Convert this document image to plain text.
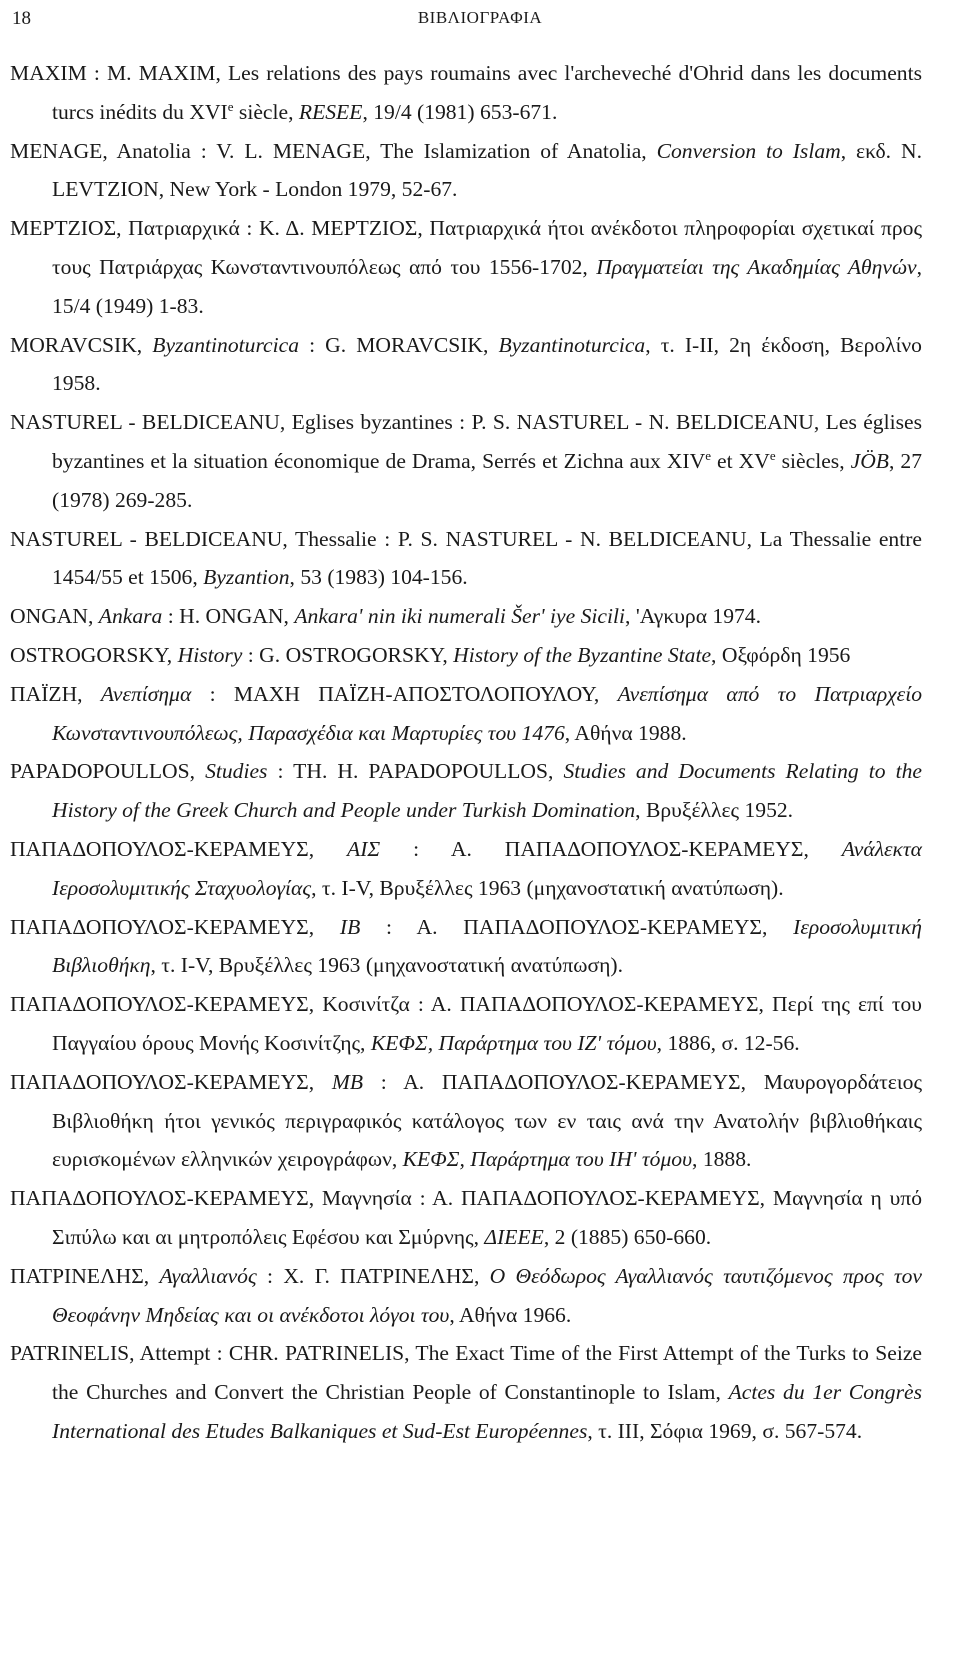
18	ΒΙΒΛΙΟΓΡΑΦΙΑ

MAXIM : M. MAXIM, Les relations des pays roumains avec l'archeveché d'Ohrid dans les documents turcs inédits du XVIe siècle, RESEE, 19/4 (1981) 653-671.

MENAGE, Anatolia : V. L. MENAGE, The Islamization of Anatolia, Conversion to Islam, εκδ. N. LEVTZION, New York - London 1979, 52-67.

ΜΕΡΤΖΙΟΣ, Πατριαρχικά : Κ. Δ. ΜΕΡΤΖΙΟΣ, Πατριαρχικά ήτοι ανέκδοτοι πληροφορίαι σχετικαί προς τους Πατριάρχας Κωνσταντινουπόλεως από του 1556-1702, Πραγματείαι της Ακαδημίας Αθηνών, 15/4 (1949) 1-83.

MORAVCSIK, Byzantinoturcica : G. MORAVCSIK, Byzantinoturcica, τ. I-II, 2η έκδοση, Βερολίνο 1958.

NASTUREL - BELDICEANU, Eglises byzantines : P. S. NASTUREL - N. BELDICEANU, Les églises byzantines et la situation économique de Drama, Serrés et Zichna aux XIVe et XVe siècles, JÖB, 27 (1978) 269-285.

NASTUREL - BELDICEANU, Thessalie : P. S. NASTUREL - N. BELDICEANU, La Thessalie entre 1454/55 et 1506, Byzantion, 53 (1983) 104-156.

ONGAN, Ankara : H. ONGAN, Ankara' nin iki numerali Šer' iye Sicili, 'Αγκυρα 1974.

OSTROGORSKY, History : G. OSTROGORSKY, History of the Byzantine State, Οξφόρδη 1956

ΠΑΪΖΗ, Ανεπίσημα : ΜΑΧΗ ΠΑΪΖΗ-ΑΠΟΣΤΟΛΟΠΟΥΛΟΥ, Ανεπίσημα από το Πατριαρχείο Κωνσταντινουπόλεως, Παρασχέδια και Μαρτυρίες του 1476, Αθήνα 1988.

PAPADOPOULLOS, Studies : TH. H. PAPADOPOULLOS, Studies and Documents Relating to the History of the Greek Church and People under Turkish Domination, Βρυξέλλες 1952.

ΠΑΠΑΔΟΠΟΥΛΟΣ-ΚΕΡΑΜΕΥΣ, ΑΙΣ : Α. ΠΑΠΑΔΟΠΟΥΛΟΣ-ΚΕΡΑΜΕΥΣ, Ανάλεκτα Ιεροσολυμιτικής Σταχυολογίας, τ. I-V, Βρυξέλλες 1963 (μηχανοστατική ανατύπωση).

ΠΑΠΑΔΟΠΟΥΛΟΣ-ΚΕΡΑΜΕΥΣ, ΙΒ : Α. ΠΑΠΑΔΟΠΟΥΛΟΣ-ΚΕΡΑΜΕΥΣ, Ιεροσολυμιτική Βιβλιοθήκη, τ. I-V, Βρυξέλλες 1963 (μηχανοστατική ανατύπωση).

ΠΑΠΑΔΟΠΟΥΛΟΣ-ΚΕΡΑΜΕΥΣ, Κοσινίτζα : Α. ΠΑΠΑΔΟΠΟΥΛΟΣ-ΚΕΡΑΜΕΥΣ, Περί της επί του Παγγαίου όρους Μονής Κοσινίτζης, ΚΕΦΣ, Παράρτημα του ΙΖ' τόμου, 1886, σ. 12-56.

ΠΑΠΑΔΟΠΟΥΛΟΣ-ΚΕΡΑΜΕΥΣ, ΜΒ : Α. ΠΑΠΑΔΟΠΟΥΛΟΣ-ΚΕΡΑΜΕΥΣ, Μαυρογορδάτειος Βιβλιοθήκη ήτοι γενικός περιγραφικός κατάλογος των εν ταις ανά την Ανατολήν βιβλιοθήκαις ευρισκομένων ελληνικών χειρογράφων, ΚΕΦΣ, Παράρτημα του ΙΗ' τόμου, 1888.

ΠΑΠΑΔΟΠΟΥΛΟΣ-ΚΕΡΑΜΕΥΣ, Μαγνησία : Α. ΠΑΠΑΔΟΠΟΥΛΟΣ-ΚΕΡΑΜΕΥΣ, Μαγνησία η υπό Σιπύλω και αι μητροπόλεις Εφέσου και Σμύρνης, ΔΙΕΕΕ, 2 (1885) 650-660.

ΠΑΤΡΙΝΕΛΗΣ, Αγαλλιανός : Χ. Γ. ΠΑΤΡΙΝΕΛΗΣ, Ο Θεόδωρος Αγαλλιανός ταυτιζόμενος προς τον Θεοφάνην Μηδείας και οι ανέκδοτοι λόγοι του, Αθήνα 1966.

PATRINELIS, Attempt : CHR. PATRINELIS, The Exact Time of the First Attempt of the Turks to Seize the Churches and Convert the Christian People of Constantinople to Islam, Actes du 1er Congrès International des Etudes Balkaniques et Sud-Est Européennes, τ. III, Σόφια 1969, σ. 567-574.
